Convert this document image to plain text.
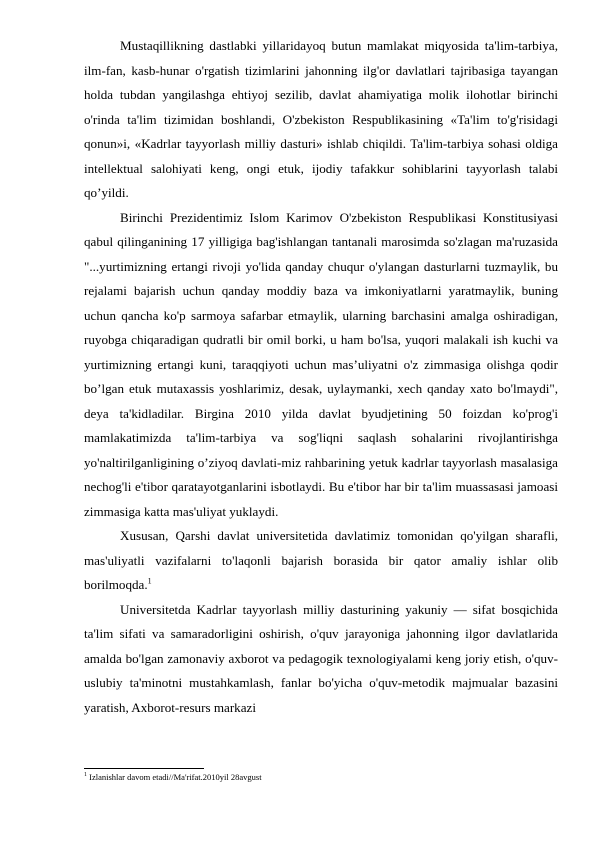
Mustaqillikning dastlabki yillaridayoq butun mamlakat miqyosida ta'lim-tarbiya, ilm-fan, kasb-hunar o'rgatish tizimlarini jahonning ilg'or davlatlari tajribasiga tayangan holda tubdan yangilashga ehtiyoj sezilib, davlat ahamiyatiga molik ilohotlar birinchi o'rinda ta'lim tizimidan boshlandi, O'zbekiston Respublikasining «Ta'lim to'g'risidagi qonun»i, «Kadrlar tayyorlash milliy dasturi» ishlab chiqildi. Ta'lim-tarbiya sohasi oldiga intellektual salohiyati keng, ongi etuk, ijodiy tafakkur sohiblarini tayyorlash talabi qo’yildi.

Birinchi Prezidentimiz Islom Karimov O'zbekiston Respublikasi Konstitusiyasi qabul qilinganining 17 yilligiga bag'ishlangan tantanali marosimda so'zlagan ma'ruzasida "...yurtimizning ertangi rivoji yo'lida qanday chuqur o'ylangan dasturlarni tuzmaylik, bu rejalami bajarish uchun qanday moddiy baza va imkoniyatlarni yaratmaylik, buning uchun qancha ko'p sarmoya safarbar etmaylik, ularning barchasini amalga oshiradigan, ruyobga chiqaradigan qudratli bir omil borki, u ham bo'lsa, yuqori malakali ish kuchi va yurtimizning ertangi kuni, taraqqiyoti uchun mas’uliyatni o'z zimmasiga olishga qodir bo’lgan etuk mutaxassis yoshlarimiz, desak, uylaymanki, xech qanday xato bo'lmaydi", deya ta'kidladilar. Birgina 2010 yilda davlat byudjetining 50 foizdan ko'prog'i mamlakatimizda ta'lim-tarbiya va sog'liqni saqlash sohalarini rivojlantirishga yo'naltirilganligining o’ziyoq davlati-miz rahbarining yetuk kadrlar tayyorlash masalasiga nechog'li e'tibor qaratayotganlarini isbotlaydi. Bu e'tibor har bir ta'lim muassasasi jamoasi zimmasiga katta mas'uliyat yuklaydi.

Xususan, Qarshi davlat universitetida davlatimiz tomonidan qo'yilgan sharafli, mas'uliyatli vazifalarni to'laqonli bajarish borasida bir qator amaliy ishlar olib borilmoqda.$^1$

Universitetda Kadrlar tayyorlash milliy dasturining yakuniy — sifat bosqichida ta'lim sifati va samaradorligini oshirish, o'quv jarayoniga jahonning ilgor davlatlarida amalda bo'lgan zamonaviy axborot va pedagogik texnologiyalami keng joriy etish, o'quv-uslubiy ta'minotni mustahkamlash, fanlar bo'yicha o'quv-metodik majmualar bazasini yaratish, Axborot-resurs markazi

$^1$ Izlanishlar davom etadi//Ma'rifat.2010yil 28avgust
